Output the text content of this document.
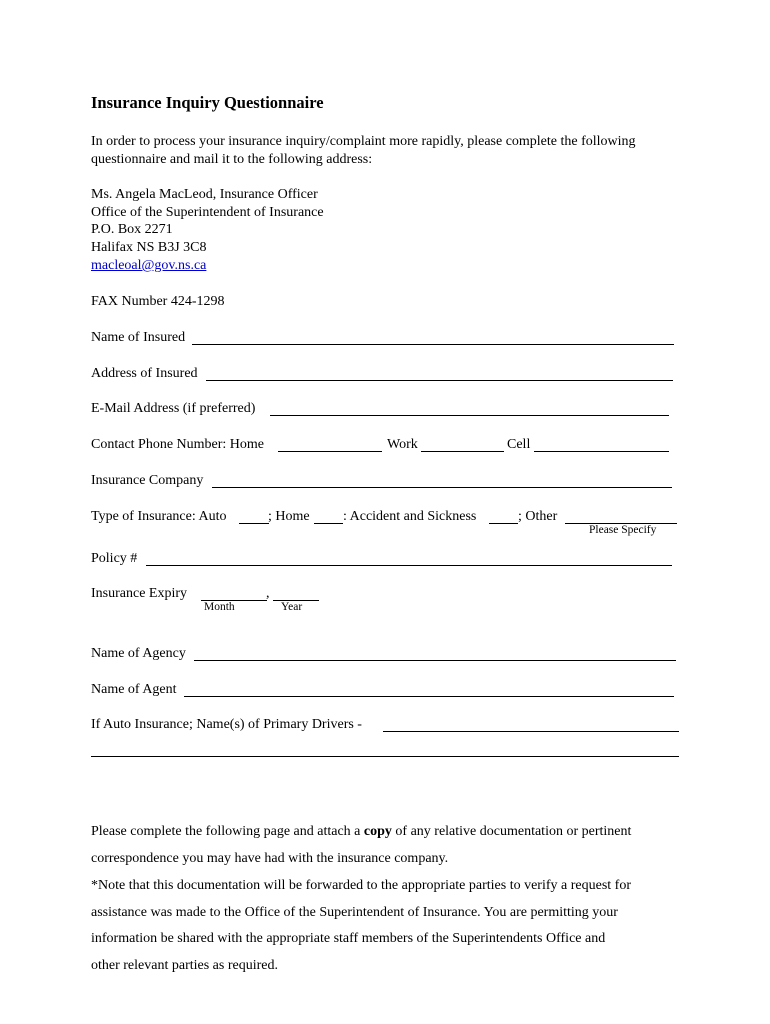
Insurance Inquiry Questionnaire
In order to process your insurance inquiry/complaint more rapidly, please complete the following
questionnaire and mail it to the following address:
Ms. Angela MacLeod, Insurance Officer
Office of the Superintendent of Insurance
P.O. Box 2271
Halifax NS B3J 3C8
macleoal@gov.ns.ca
FAX Number 424-1298
Name of Insured
Address of Insured
E-Mail Address (if preferred)
Contact Phone Number: Home	Work	Cell
Insurance Company
Type of Insurance: Auto	; Home : Accident and Sickness	; Other
Please Specify
Policy #
Insurance Expiry	,
Month	Year
Name of Agency
Name of Agent
If Auto Insurance; Name(s) of Primary Drivers -
Please complete the following page and attach a copy of any relative documentation or pertinent
correspondence you may have had with the insurance company.
*Note that this documentation will be forwarded to the appropriate parties to verify a request for
assistance was made to the Office of the Superintendent of Insurance. You are permitting your
information be shared with the appropriate staff members of the Superintendents Office and
other relevant parties as required.
